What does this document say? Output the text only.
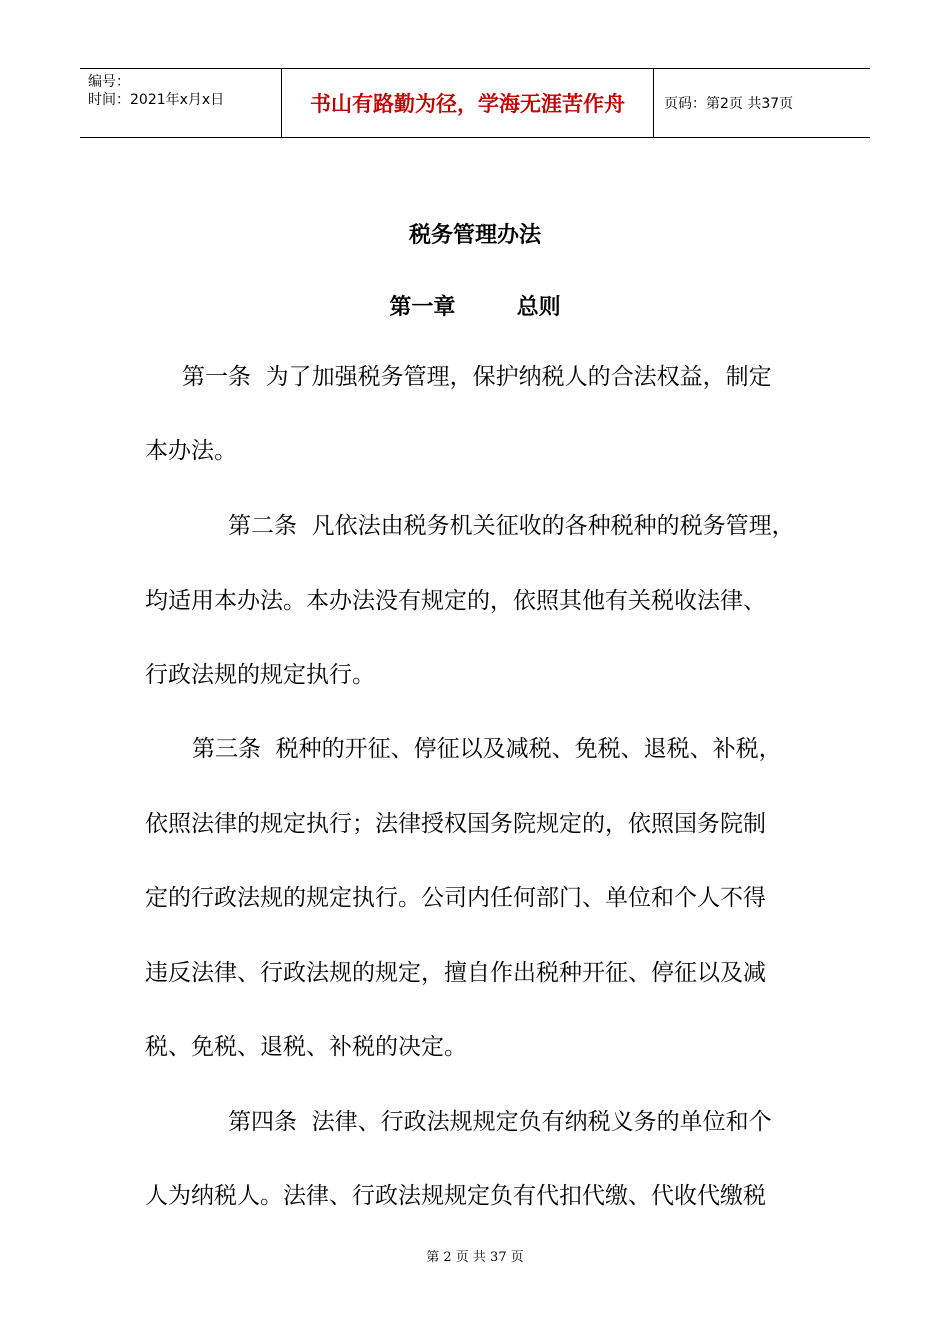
编号：
时间：2021年x月x日	书山有路勤为径，学海无涯苦作舟	页码：第2页 共37页
税务管理办法
第一章        总则
第一条  为了加强税务管理，保护纳税人的合法权益，制定
本办法。
第二条  凡依法由税务机关征收的各种税种的税务管理，
均适用本办法。本办法没有规定的，依照其他有关税收法律、
行政法规的规定执行。
第三条  税种的开征、停征以及减税、免税、退税、补税，
依照法律的规定执行；法律授权国务院规定的，依照国务院制
定的行政法规的规定执行。公司内任何部门、单位和个人不得
违反法律、行政法规的规定，擅自作出税种开征、停征以及减
税、免税、退税、补税的决定。
第四条  法律、行政法规规定负有纳税义务的单位和个
人为纳税人。法律、行政法规规定负有代扣代缴、代收代缴税
第 2 页 共 37 页
